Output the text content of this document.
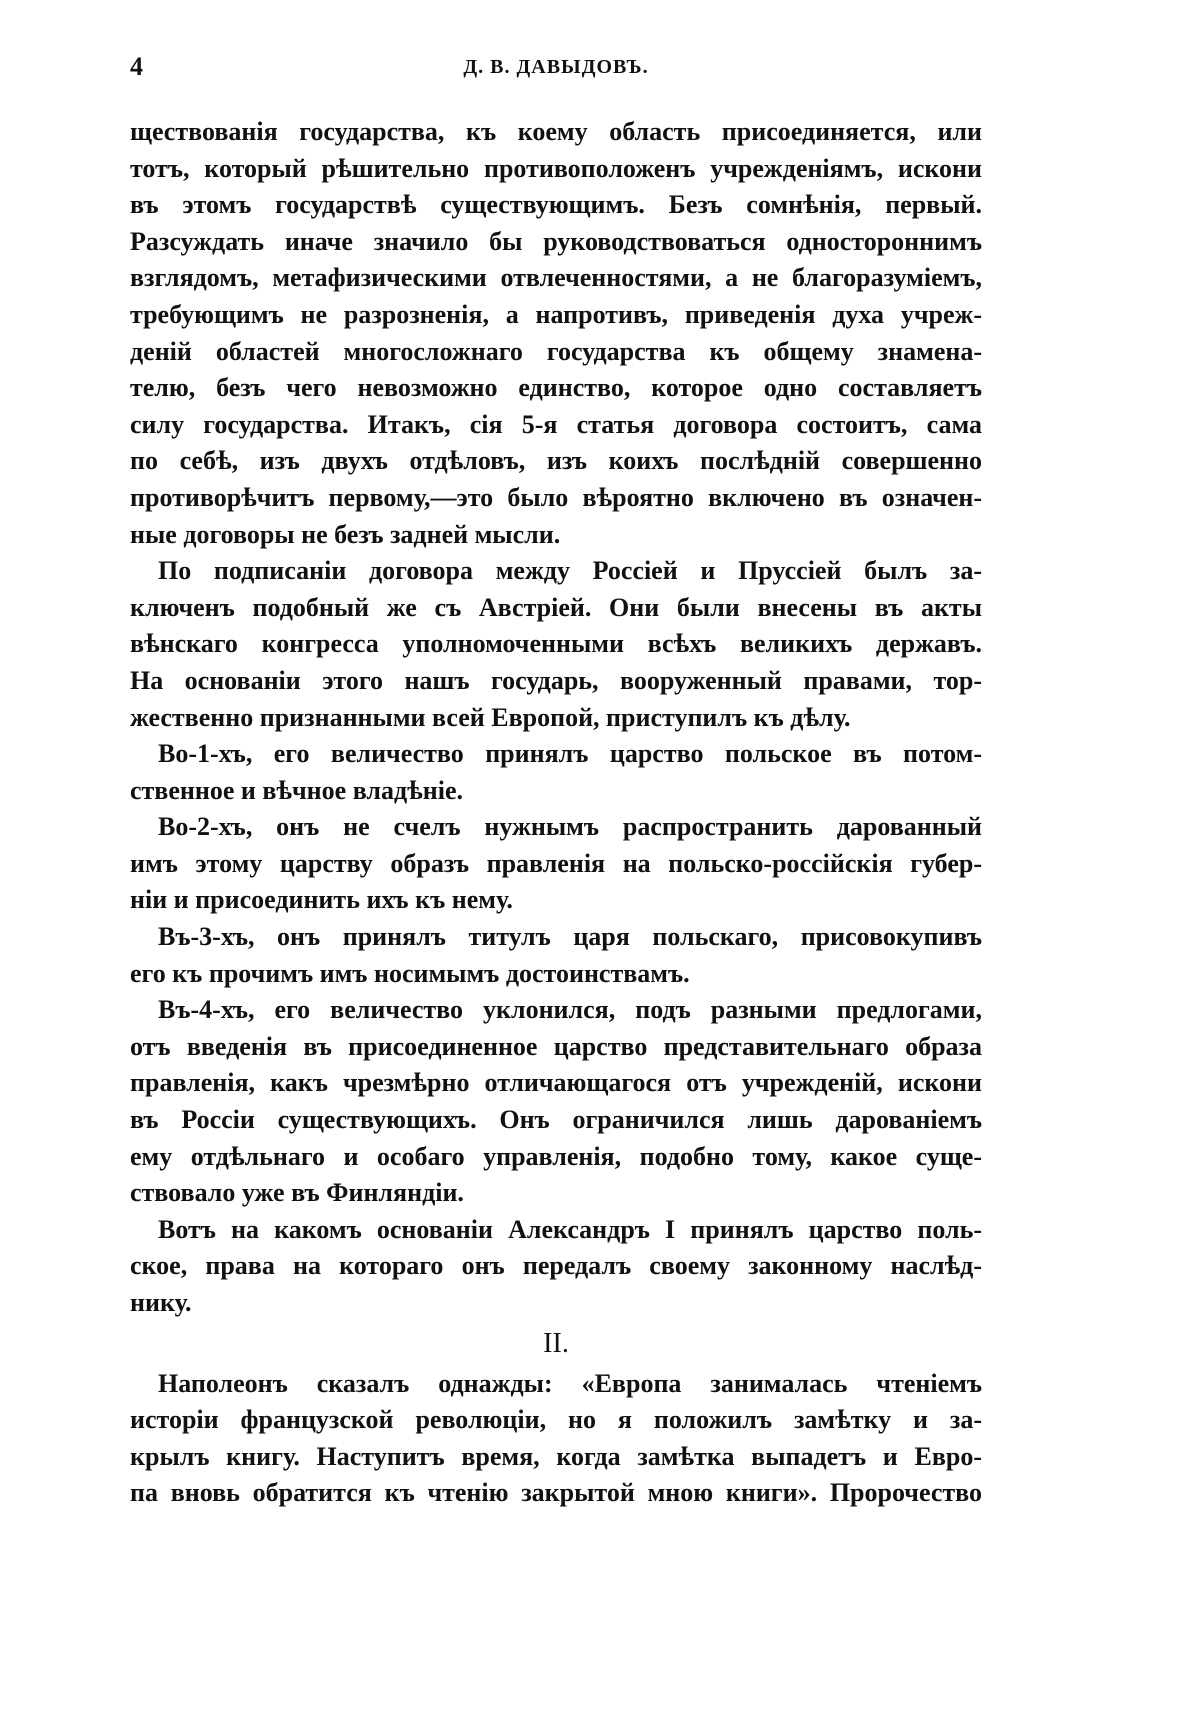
4	Д. В. ДАВЫДОВЪ.
ществованія государства, къ коему область присоединяется, или
тотъ, который рѣшительно противоположенъ учрежденіямъ, искони
въ этомъ государствѣ существующимъ. Безъ сомнѣнія, первый.
Разсуждать иначе значило бы руководствоваться одностороннимъ
взглядомъ, метафизическими отвлеченностями, а не благоразуміемъ,
требующимъ не разрозненія, а напротивъ, приведенія духа учреж-
деній областей многосложнаго государства къ общему знамена-
телю, безъ чего невозможно единство, которое одно составляетъ
силу государства. Итакъ, сія 5-я статья договора состоитъ, сама
по себѣ, изъ двухъ отдѣловъ, изъ коихъ послѣдній совершенно
противорѣчитъ первому,—это было вѣроятно включено въ означен-
ные договоры не безъ задней мысли.
По подписаніи договора между Россіей и Пруссіей былъ за-
ключенъ подобный же съ Австріей. Они были внесены въ акты
вѣнскаго конгресса уполномоченными всѣхъ великихъ державъ.
На основаніи этого нашъ государь, вооруженный правами, тор-
жественно признанными всей Европой, приступилъ къ дѣлу.
Во-1-хъ, его величество принялъ царство польское въ потом-
ственное и вѣчное владѣніе.
Во-2-хъ, онъ не счелъ нужнымъ распространить дарованный
имъ этому царству образъ правленія на польско-россійскія губер-
ніи и присоединить ихъ къ нему.
Въ-3-хъ, онъ принялъ титулъ царя польскаго, присовокупивъ
его къ прочимъ имъ носимымъ достоинствамъ.
Въ-4-хъ, его величество уклонился, подъ разными предлогами,
отъ введенія въ присоединенное царство представительнаго образа
правленія, какъ чрезмѣрно отличающагося отъ учрежденій, искони
въ Россіи существующихъ. Онъ ограничился лишь дарованіемъ
ему отдѣльнаго и особаго управленія, подобно тому, какое суще-
ствовало уже въ Финляндіи.
Вотъ на какомъ основаніи Александръ I принялъ царство поль-
ское, права на котораго онъ передалъ своему законному наслѣд-
нику.
II.
Наполеонъ сказалъ однажды: «Европа занималась чтеніемъ
исторіи французской революціи, но я положилъ замѣтку и за-
крылъ книгу. Наступитъ время, когда замѣтка выпадетъ и Евро-
па вновь обратится къ чтенію закрытой мною книги». Пророчество
